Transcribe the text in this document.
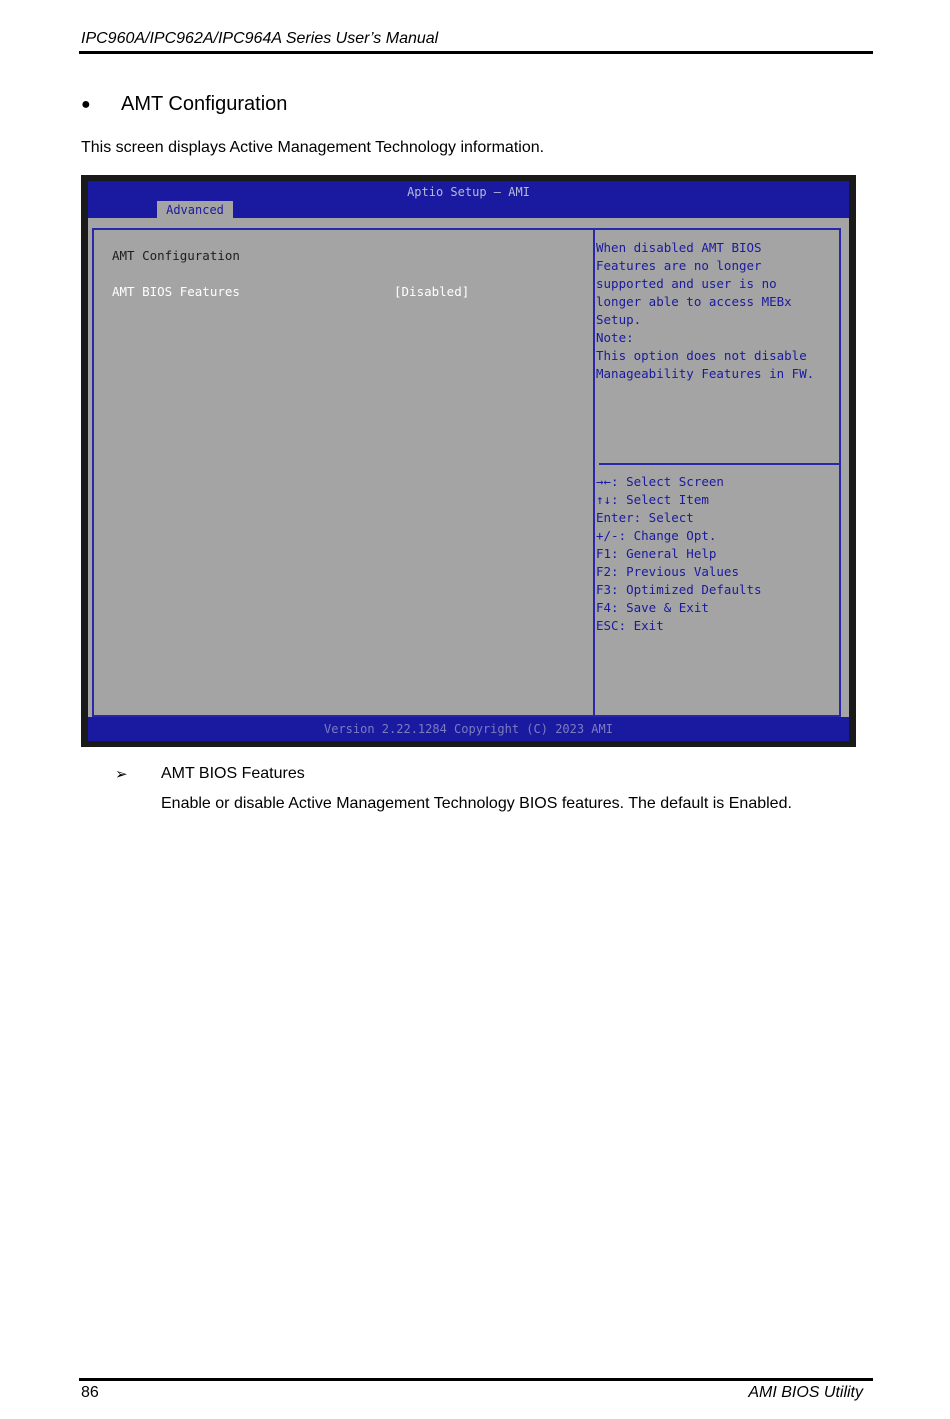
IPC960A/IPC962A/IPC964A Series User’s Manual
● AMT Configuration
This screen displays Active Management Technology information.
Aptio Setup – AMI
Advanced
AMT Configuration
AMT BIOS Features	[Disabled]
When disabled AMT BIOS
Features are no longer
supported and user is no
longer able to access MEBx
Setup.
Note:
This option does not disable
Manageability Features in FW.
→←: Select Screen
↑↓: Select Item
Enter: Select
+/-: Change Opt.
F1: General Help
F2: Previous Values
F3: Optimized Defaults
F4: Save & Exit
ESC: Exit
Version 2.22.1284 Copyright (C) 2023 AMI
➢ AMT BIOS Features
Enable or disable Active Management Technology BIOS features. The default is Enabled.
86	AMI BIOS Utility
